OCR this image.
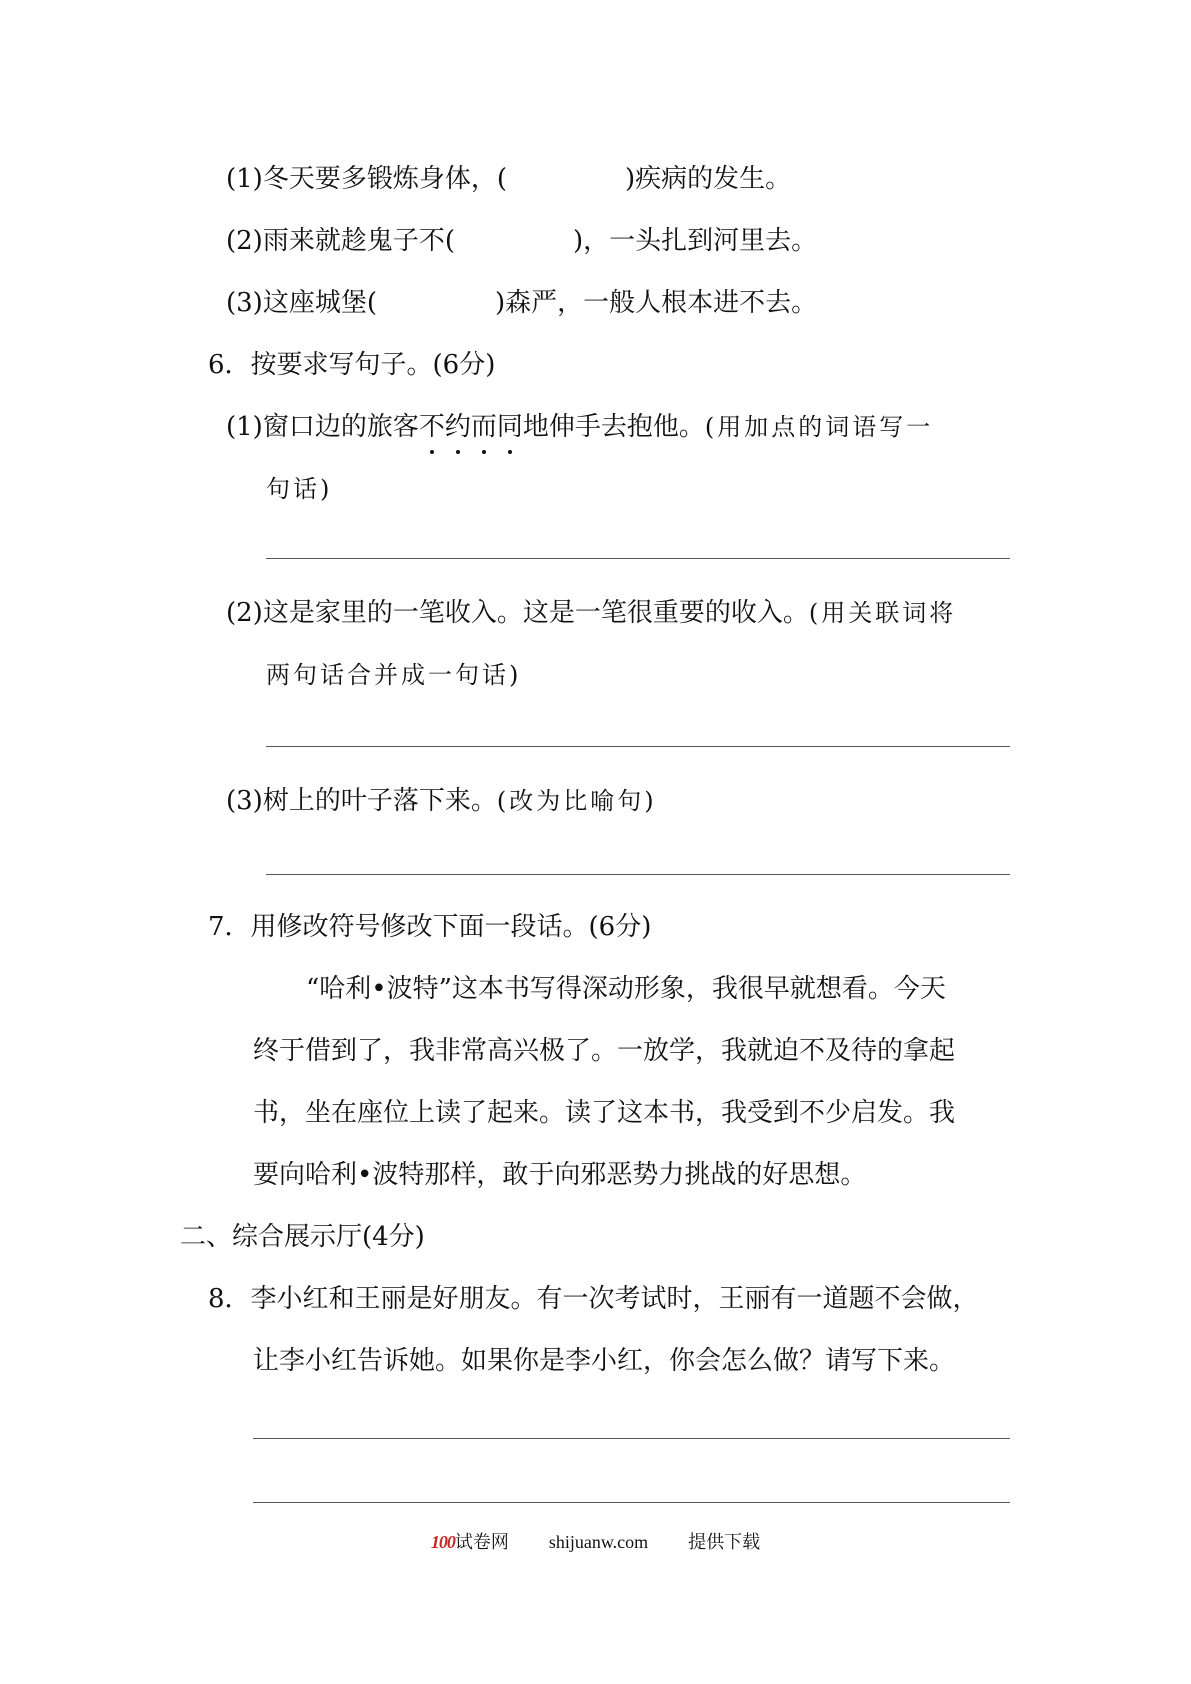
(1)冬天要多锻炼身体，(	)疾病的发生。
(2)雨来就趁鬼子不(	)，一头扎到河里去。
(3)这座城堡(	)森严，一般人根本进不去。
6．按要求写句子。(6分)
(1)窗口边的旅客不约而同地伸手去抱他。(用加点的词语写一
句话)
(2)这是家里的一笔收入。这是一笔很重要的收入。(用关联词将
两句话合并成一句话)
(3)树上的叶子落下来。(改为比喻句)
7．用修改符号修改下面一段话。(6分)
“哈利•波特”这本书写得深动形象，我很早就想看。今天
终于借到了，我非常高兴极了。一放学，我就迫不及待的拿起
书，坐在座位上读了起来。读了这本书，我受到不少启发。我
要向哈利•波特那样，敢于向邪恶势力挑战的好思想。
二、综合展示厅(4分)
8．李小红和王丽是好朋友。有一次考试时，王丽有一道题不会做，
让李小红告诉她。如果你是李小红，你会怎么做？请写下来。
100试卷网 shijuanw.com 提供下载
